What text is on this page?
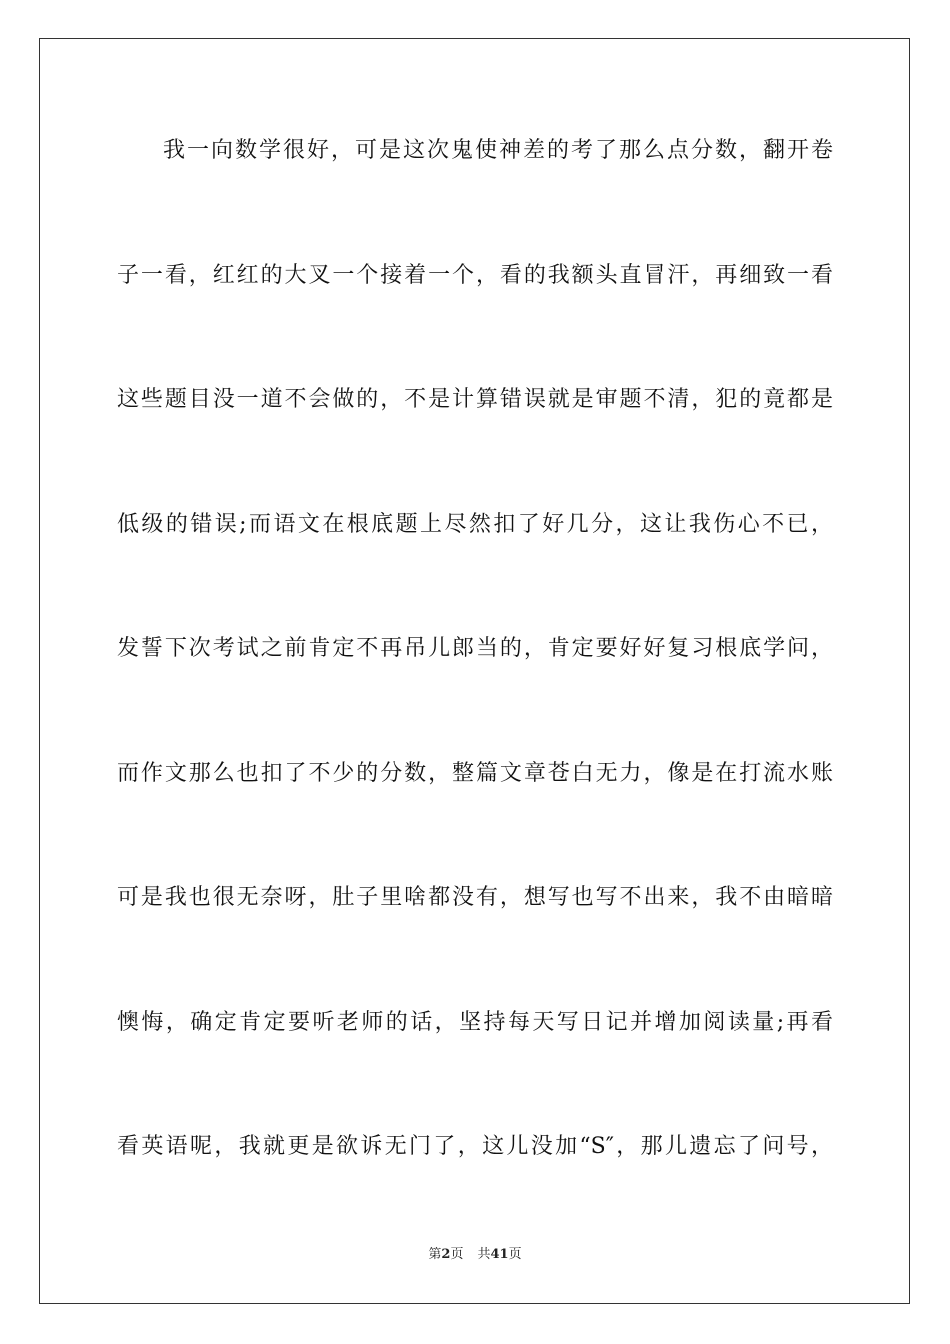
我一向数学很好，可是这次鬼使神差的考了那么点分数，翻开卷
子一看，红红的大叉一个接着一个，看的我额头直冒汗，再细致一看
这些题目没一道不会做的，不是计算错误就是审题不清，犯的竟都是
低级的错误;而语文在根底题上尽然扣了好几分，这让我伤心不已，
发誓下次考试之前肯定不再吊儿郎当的，肯定要好好复习根底学问，
而作文那么也扣了不少的分数，整篇文章苍白无力，像是在打流水账
可是我也很无奈呀，肚子里啥都没有，想写也写不出来，我不由暗暗
懊悔，确定肯定要听老师的话，坚持每天写日记并增加阅读量;再看
看英语呢，我就更是欲诉无门了，这儿没加“S″，那儿遗忘了问号，
第2页 共41页
